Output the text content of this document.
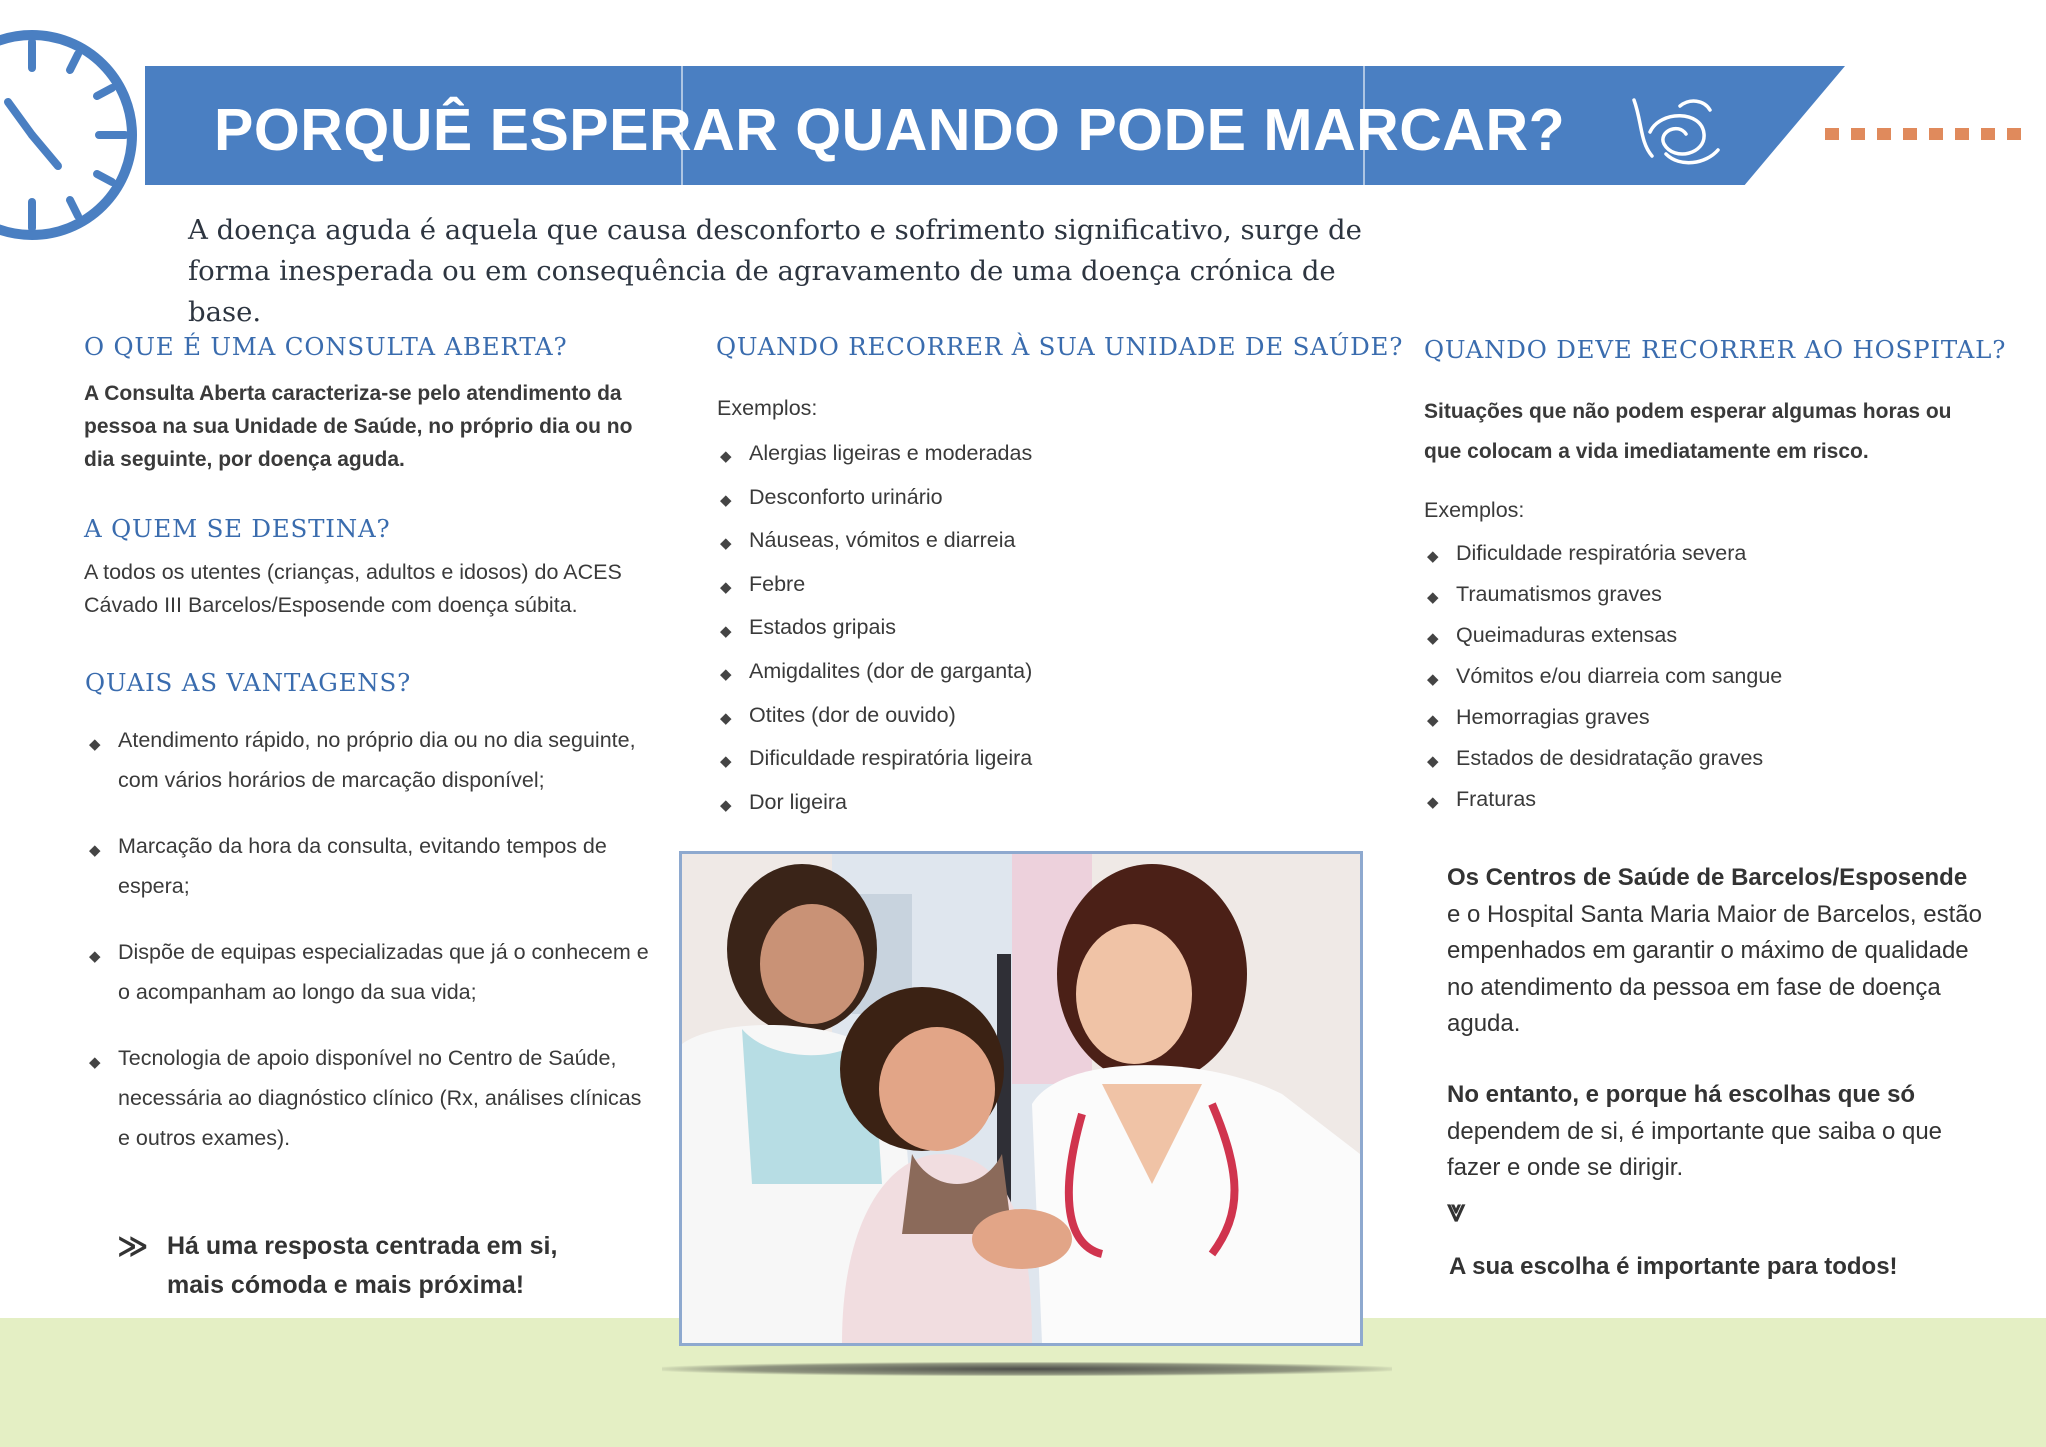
PORQUÊ ESPERAR QUANDO PODE MARCAR?
A doença aguda é aquela que causa desconforto e sofrimento significativo, surge de forma inesperada ou em consequência de agravamento de uma doença crónica de base.
O QUE É UMA CONSULTA ABERTA?
A Consulta Aberta caracteriza-se pelo atendimento da pessoa na sua Unidade de Saúde, no próprio dia ou no dia seguinte, por doença aguda.
A QUEM SE DESTINA?
A todos os utentes (crianças, adultos e idosos) do ACES Cávado III Barcelos/Esposende com doença súbita.
QUAIS AS VANTAGENS?
◆ Atendimento rápido, no próprio dia ou no dia seguinte, com vários horários de marcação disponível;
◆ Marcação da hora da consulta, evitando tempos de espera;
◆ Dispõe de equipas especializadas que já o conhecem e o acompanham ao longo da sua vida;
◆ Tecnologia de apoio disponível no Centro de Saúde, necessária ao diagnóstico clínico (Rx, análises clínicas e outros exames).
≫ Há uma resposta centrada em si,
mais cómoda e mais próxima!
QUANDO RECORRER À SUA UNIDADE DE SAÚDE?
Exemplos:
◆ Alergias ligeiras e moderadas
◆ Desconforto urinário
◆ Náuseas, vómitos e diarreia
◆ Febre
◆ Estados gripais
◆ Amigdalites (dor de garganta)
◆ Otites (dor de ouvido)
◆ Dificuldade respiratória ligeira
◆ Dor ligeira
QUANDO DEVE RECORRER AO HOSPITAL?
Situações que não podem esperar algumas horas ou que colocam a vida imediatamente em risco.
Exemplos:
◆ Dificuldade respiratória severa
◆ Traumatismos graves
◆ Queimaduras extensas
◆ Vómitos e/ou diarreia com sangue
◆ Hemorragias graves
◆ Estados de desidratação graves
◆ Fraturas
Os Centros de Saúde de Barcelos/Esposende
e o Hospital Santa Maria Maior de Barcelos, estão empenhados em garantir o máximo de qualidade no atendimento da pessoa em fase de doença aguda.
No entanto, e porque há escolhas que só
dependem de si, é importante que saiba o que fazer e onde se dirigir.
⩔
A sua escolha é importante para todos!
